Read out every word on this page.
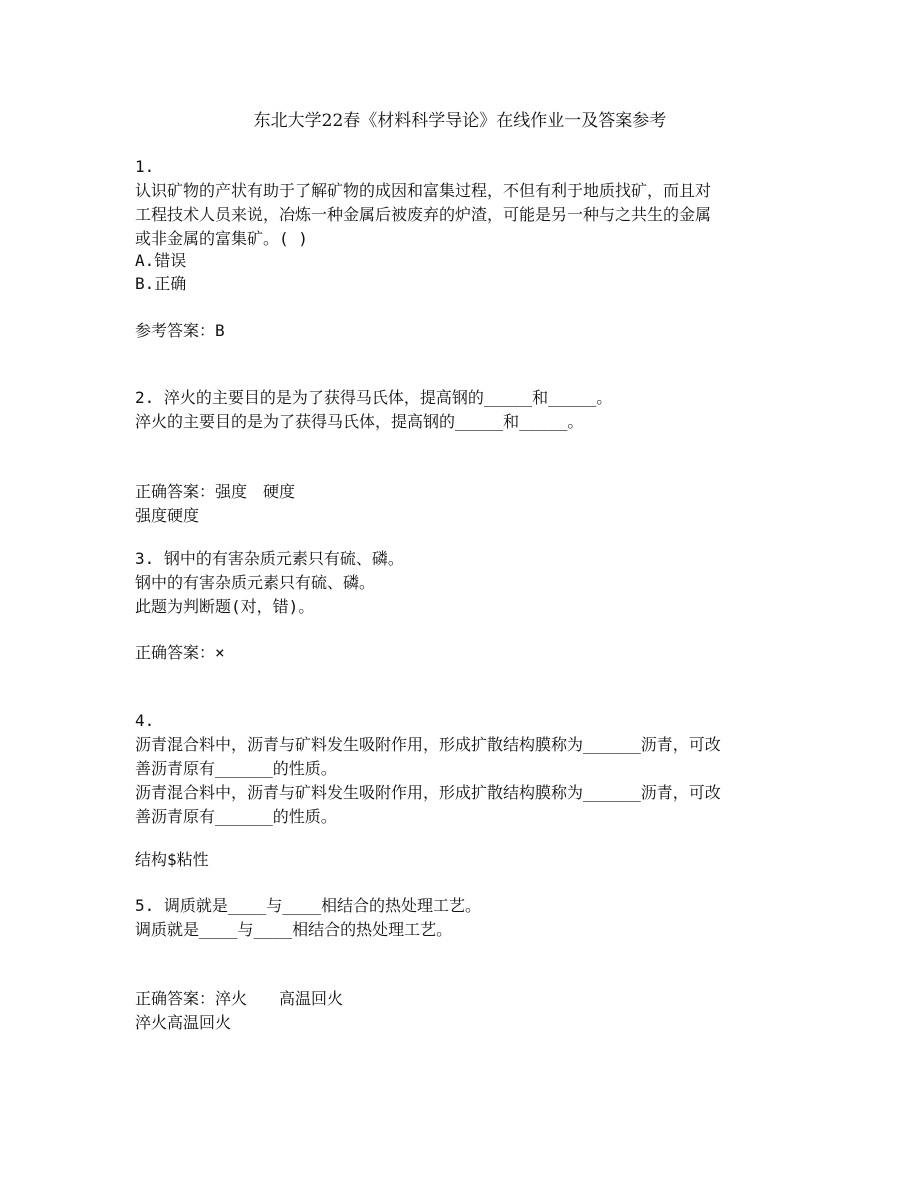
东北大学22春《材料科学导论》在线作业一及答案参考
1.
认识矿物的产状有助于了解矿物的成因和富集过程，不但有利于地质找矿，而且对
工程技术人员来说，冶炼一种金属后被废弃的炉渣，可能是另一种与之共生的金属
或非金属的富集矿。( )
A.错误
B.正确
参考答案：B
2. 淬火的主要目的是为了获得马氏体，提高钢的_____和_____。
淬火的主要目的是为了获得马氏体，提高钢的_____和_____。
正确答案：强度　硬度
强度硬度
3. 钢中的有害杂质元素只有硫、磷。
钢中的有害杂质元素只有硫、磷。
此题为判断题(对，错)。
正确答案：×
4.
沥青混合料中，沥青与矿料发生吸附作用，形成扩散结构膜称为______沥青，可改
善沥青原有______的性质。
沥青混合料中，沥青与矿料发生吸附作用，形成扩散结构膜称为______沥青，可改
善沥青原有______的性质。
结构$粘性
5. 调质就是____与____相结合的热处理工艺。
调质就是____与____相结合的热处理工艺。
正确答案：淬火　　高温回火
淬火高温回火
